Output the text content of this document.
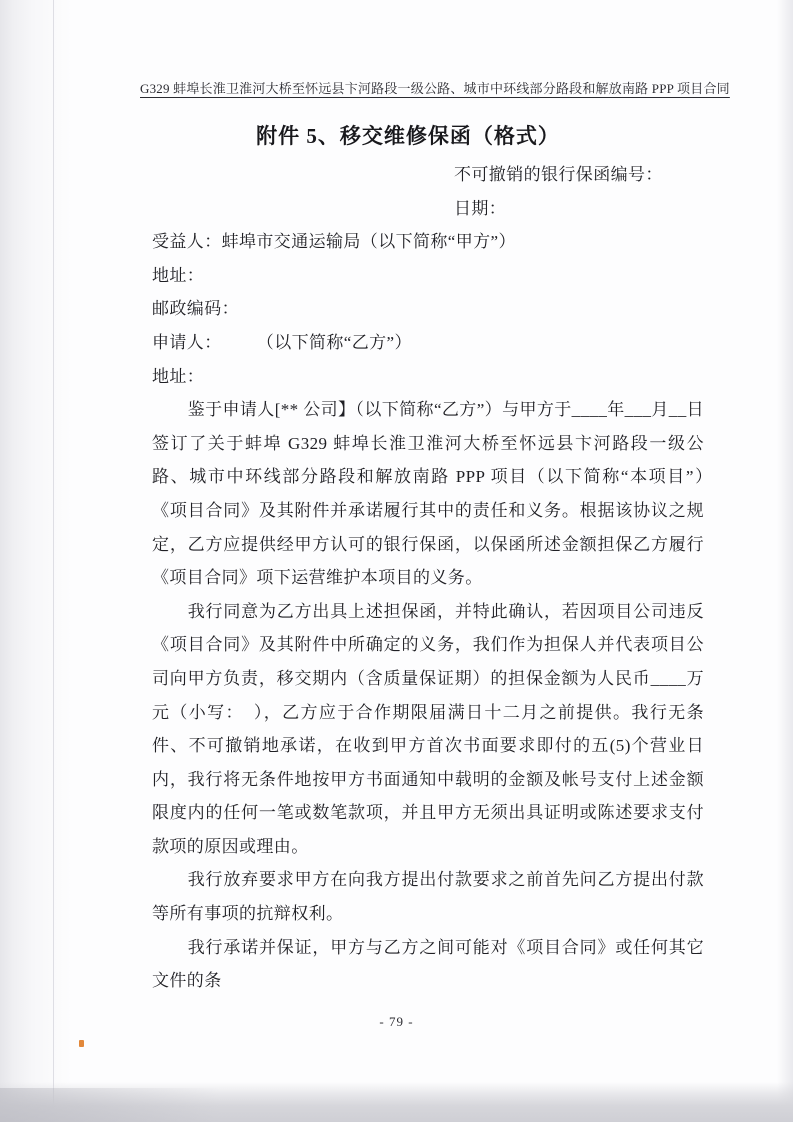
G329 蚌埠长淮卫淮河大桥至怀远县卞河路段一级公路、城市中环线部分路段和解放南路 PPP 项目合同
附件 5、移交维修保函（格式）
不可撤销的银行保函编号：
日期：
受益人：蚌埠市交通运输局（以下简称“甲方”）
地址：
邮政编码：
申请人：　　　（以下简称“乙方”）
地址：

鉴于申请人[** 公司】（以下简称“乙方”）与甲方于____年___月__日签订了关于蚌埠 G329 蚌埠长淮卫淮河大桥至怀远县卞河路段一级公路、城市中环线部分路段和解放南路 PPP 项目（以下简称“本项目”）　《项目合同》及其附件并承诺履行其中的责任和义务。根据该协议之规定，乙方应提供经甲方认可的银行保函，以保函所述金额担保乙方履行《项目合同》项下运营维护本项目的义务。

我行同意为乙方出具上述担保函，并特此确认，若因项目公司违反《项目合同》及其附件中所确定的义务，我们作为担保人并代表项目公司向甲方负责，移交期内（含质量保证期）的担保金额为人民币____万元（小写：　），乙方应于合作期限届满日十二月之前提供。我行无条件、不可撤销地承诺，在收到甲方首次书面要求即付的五(5)个营业日内，我行将无条件地按甲方书面通知中载明的金额及帐号支付上述金额限度内的任何一笔或数笔款项，并且甲方无须出具证明或陈述要求支付款项的原因或理由。

我行放弃要求甲方在向我方提出付款要求之前首先问乙方提出付款等所有事项的抗辩权利。

我行承诺并保证，甲方与乙方之间可能对《项目合同》或任何其它文件的条

- 79 -
